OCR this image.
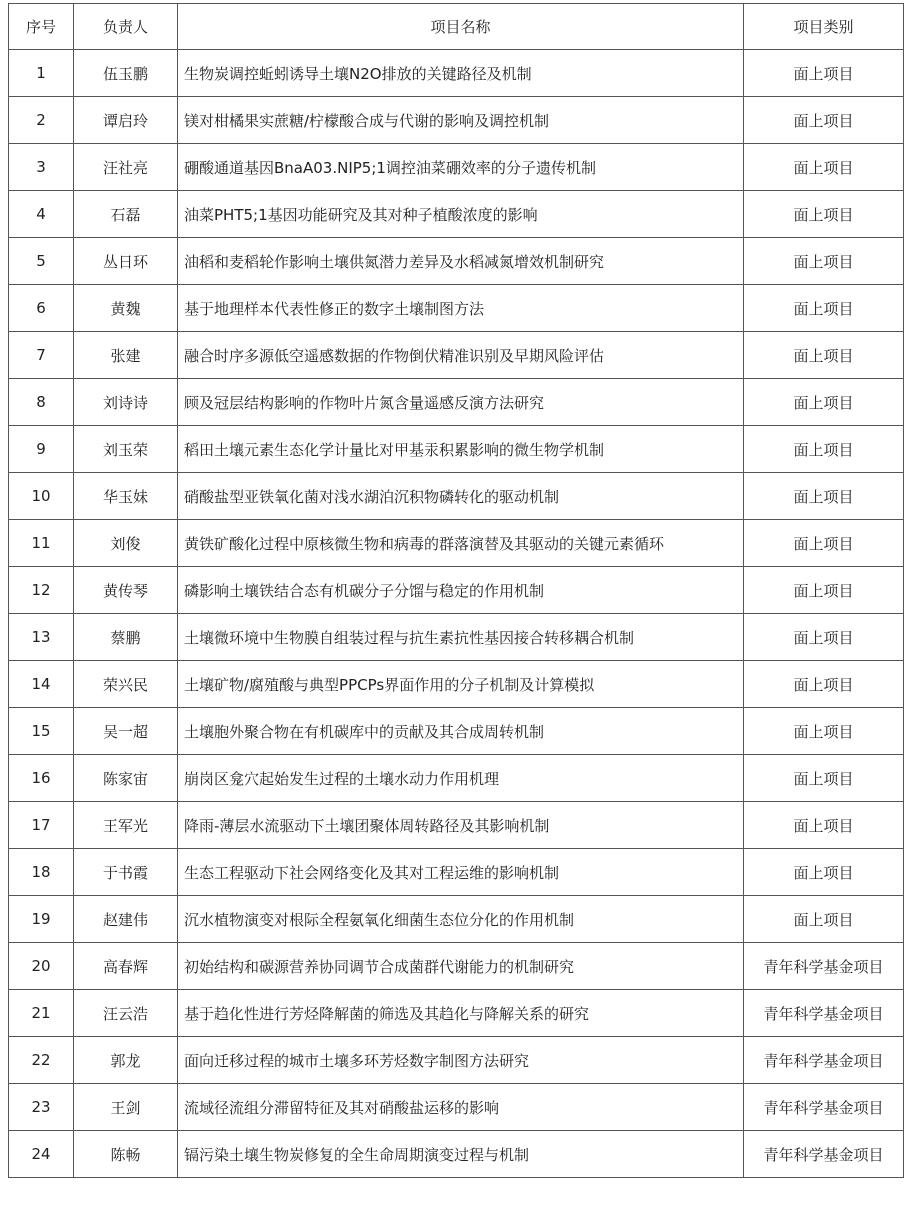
序号	负责人	项目名称	项目类别
1	伍玉鹏	生物炭调控蚯蚓诱导土壤N2O排放的关键路径及机制	面上项目
2	谭启玲	镁对柑橘果实蔗糖/柠檬酸合成与代谢的影响及调控机制	面上项目
3	汪社亮	硼酸通道基因BnaA03.NIP5;1调控油菜硼效率的分子遗传机制	面上项目
4	石磊	油菜PHT5;1基因功能研究及其对种子植酸浓度的影响	面上项目
5	丛日环	油稻和麦稻轮作影响土壤供氮潜力差异及水稻减氮增效机制研究	面上项目
6	黄魏	基于地理样本代表性修正的数字土壤制图方法	面上项目
7	张建	融合时序多源低空遥感数据的作物倒伏精准识别及早期风险评估	面上项目
8	刘诗诗	顾及冠层结构影响的作物叶片氮含量遥感反演方法研究	面上项目
9	刘玉荣	稻田土壤元素生态化学计量比对甲基汞积累影响的微生物学机制	面上项目
10	华玉妹	硝酸盐型亚铁氧化菌对浅水湖泊沉积物磷转化的驱动机制	面上项目
11	刘俊	黄铁矿酸化过程中原核微生物和病毒的群落演替及其驱动的关键元素循环	面上项目
12	黄传琴	磷影响土壤铁结合态有机碳分子分馏与稳定的作用机制	面上项目
13	蔡鹏	土壤微环境中生物膜自组装过程与抗生素抗性基因接合转移耦合机制	面上项目
14	荣兴民	土壤矿物/腐殖酸与典型PPCPs界面作用的分子机制及计算模拟	面上项目
15	吴一超	土壤胞外聚合物在有机碳库中的贡献及其合成周转机制	面上项目
16	陈家宙	崩岗区龛穴起始发生过程的土壤水动力作用机理	面上项目
17	王军光	降雨-薄层水流驱动下土壤团聚体周转路径及其影响机制	面上项目
18	于书霞	生态工程驱动下社会网络变化及其对工程运维的影响机制	面上项目
19	赵建伟	沉水植物演变对根际全程氨氧化细菌生态位分化的作用机制	面上项目
20	高春辉	初始结构和碳源营养协同调节合成菌群代谢能力的机制研究	青年科学基金项目
21	汪云浩	基于趋化性进行芳烃降解菌的筛选及其趋化与降解关系的研究	青年科学基金项目
22	郭龙	面向迁移过程的城市土壤多环芳烃数字制图方法研究	青年科学基金项目
23	王剑	流域径流组分滞留特征及其对硝酸盐运移的影响	青年科学基金项目
24	陈畅	镉污染土壤生物炭修复的全生命周期演变过程与机制	青年科学基金项目
